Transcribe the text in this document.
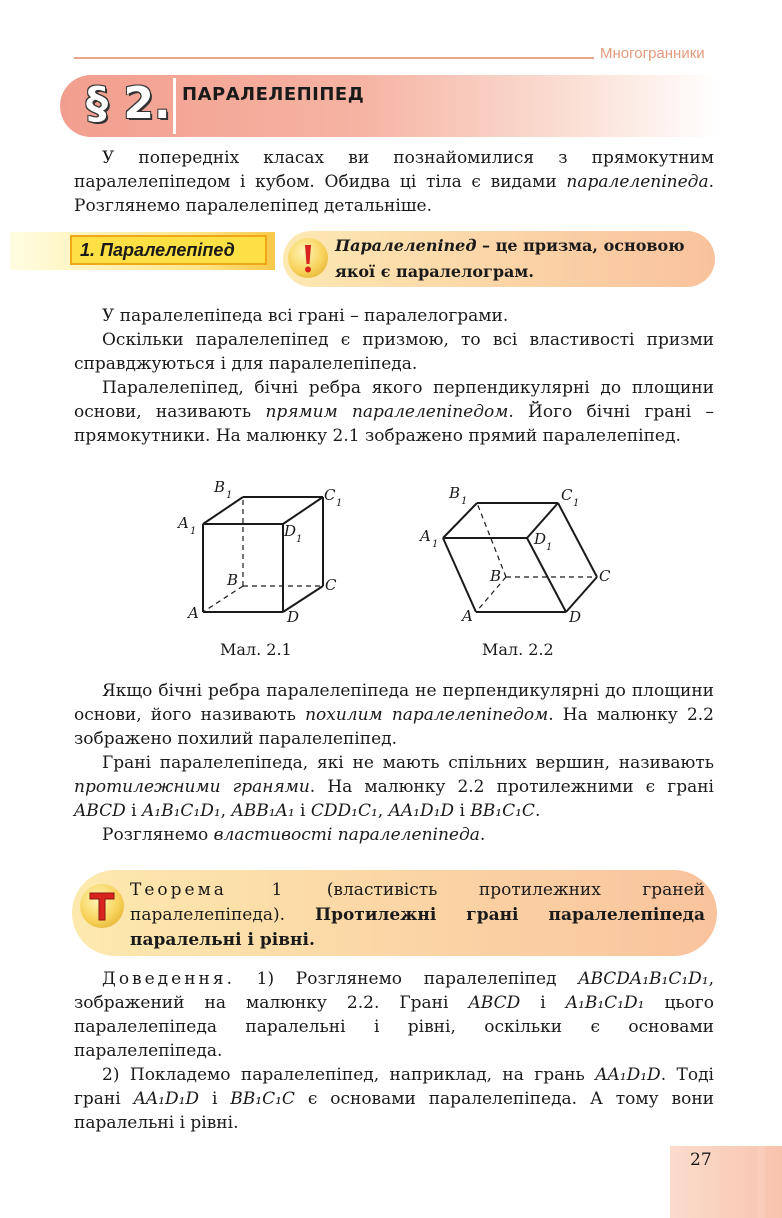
Многогранники
§ 2. ПАРАЛЕЛЕПІПЕД

У попередніх класах ви познайомилися з прямокутним паралелепіпедом і кубом. Обидва ці тіла є видами паралелепіпеда. Розглянемо паралелепіпед детальніше.

1. Паралелепіпед	Паралелепіпед – це призма, основою якої є паралелограм.

У паралелепіпеда всі грані – паралелограми.

Оскільки паралелепіпед є призмою, то всі властивості призми справджуються і для паралелепіпеда.

Паралелепіпед, бічні ребра якого перпендикулярні до площини основи, називають прямим паралелепіпедом. Його бічні грані – прямокутники. На малюнку 2.1 зображено прямий паралелепіпед.

A	D
C
B
A 1
B 1	C 1
D 1
A	D
C
B
A 1
B 1	C 1
D 1
Мал. 2.1	Мал. 2.2

Якщо бічні ребра паралелепіпеда не перпендикулярні до площини основи, його називають похилим паралелепіпедом. На малюнку 2.2 зображено похилий паралелепіпед.

Грані паралелепіпеда, які не мають спільних вершин, називають протилежними гранями. На малюнку 2.2 протилежними є грані ABCD і A₁B₁C₁D₁, ABB₁A₁ і CDD₁C₁, AA₁D₁D і BB₁C₁C.

Розглянемо властивості паралелепіпеда.

Теорема 1 (властивість протилежних граней паралелепіпеда). Протилежні грані паралелепіпеда паралельні і рівні.

Доведення. 1) Розглянемо паралелепіпед ABCDA₁B₁C₁D₁, зображений на малюнку 2.2. Грані ABCD і A₁B₁C₁D₁ цього паралелепіпеда паралельні і рівні, оскільки є основами паралелепіпеда.

2) Покладемо паралелепіпед, наприклад, на грань AA₁D₁D. Тоді грані AA₁D₁D і BB₁C₁C є основами паралелепіпеда. А тому вони паралельні і рівні.

27
